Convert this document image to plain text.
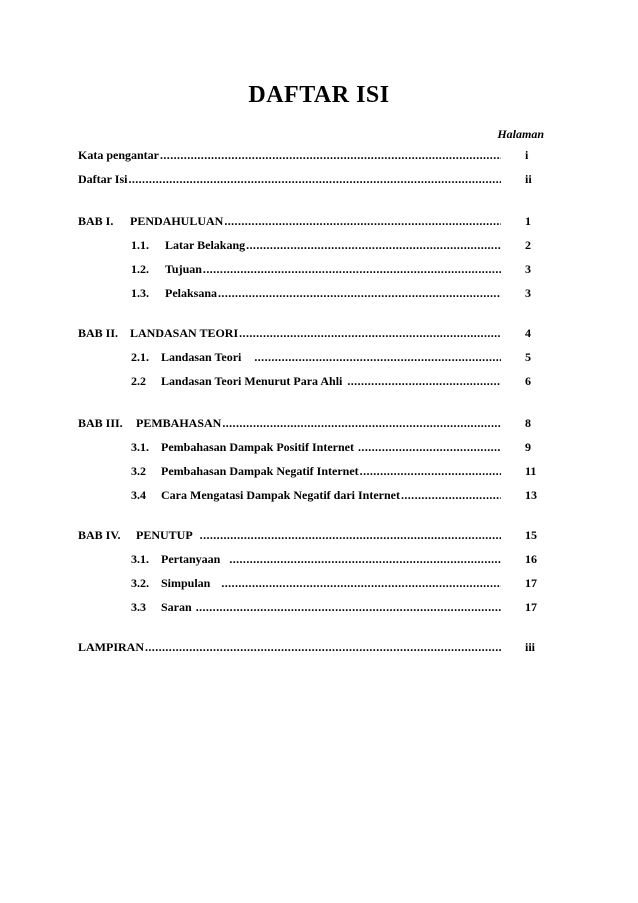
DAFTAR ISI
Halaman
Kata pengantar .....	i
Daftar Isi .....	ii
BAB I.	PENDAHULUAN .....	1
1.1.	Latar Belakang .....	2
1.2.	Tujuan .....	3
1.3.	Pelaksana .....	3
BAB II. LANDASAN TEORI .....	4
2.1.	Landasan Teori .....	5
2.2	Landasan Teori Menurut Para Ahli .....	6
BAB III.	PEMBAHASAN .....	8
3.1.	Pembahasan Dampak Positif Internet .....	9
3.2	Pembahasan Dampak Negatif Internet .....	11
3.4	Cara Mengatasi Dampak Negatif dari Internet .....	13
BAB IV.	PENUTUP .....	15
3.1.	Pertanyaan .....	16
3.2.	Simpulan .....	17
3.3	Saran .....	17
LAMPIRAN .....	iii
